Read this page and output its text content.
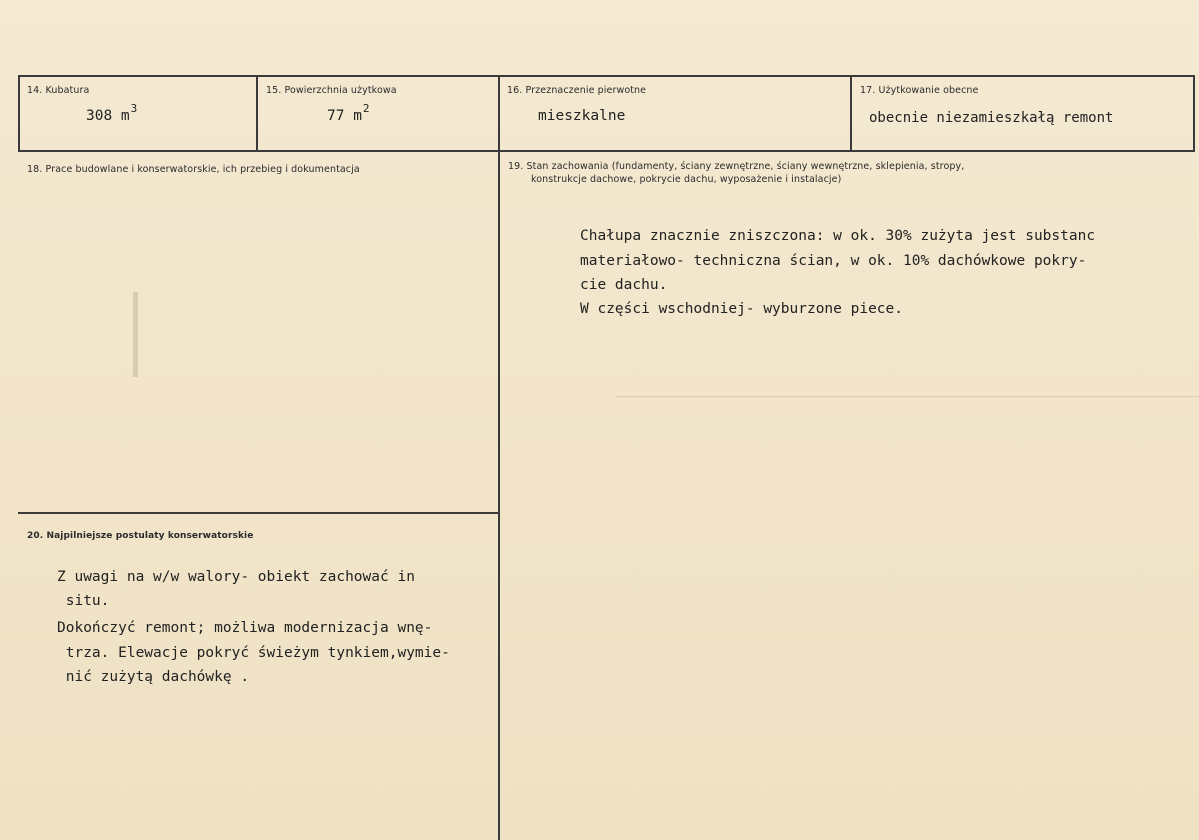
14. Kubatura
308 $m^3$
15. Powierzchnia użytkowa
77 $m^2$
16. Przeznaczenie pierwotne
mieszkalne
17. Użytkowanie obecne
obecnie niezamieszkałą remont
18. Prace budowlane i konserwatorskie, ich przebieg i dokumentacja	19. Stan zachowania (fundamenty, ściany zewnętrzne, ściany wewnętrzne, sklepienia, stropy,
konstrukcje dachowe, pokrycie dachu, wyposażenie i instalacje)
Chałupa znacznie zniszczona: w ok. 30% zużyta jest substanc
materiałowo- techniczna ścian, w ok. 10% dachówkowe pokry-
cie dachu.
W części wschodniej- wyburzone piece.
20. Najpilniejsze postulaty konserwatorskie
Z uwagi na w/w walory- obiekt zachować in
situ.
Dokończyć remont; możliwa modernizacja wnę-
trza. Elewacje pokryć świeżym tynkiem,wymie-
nić zużytą dachówkę .
